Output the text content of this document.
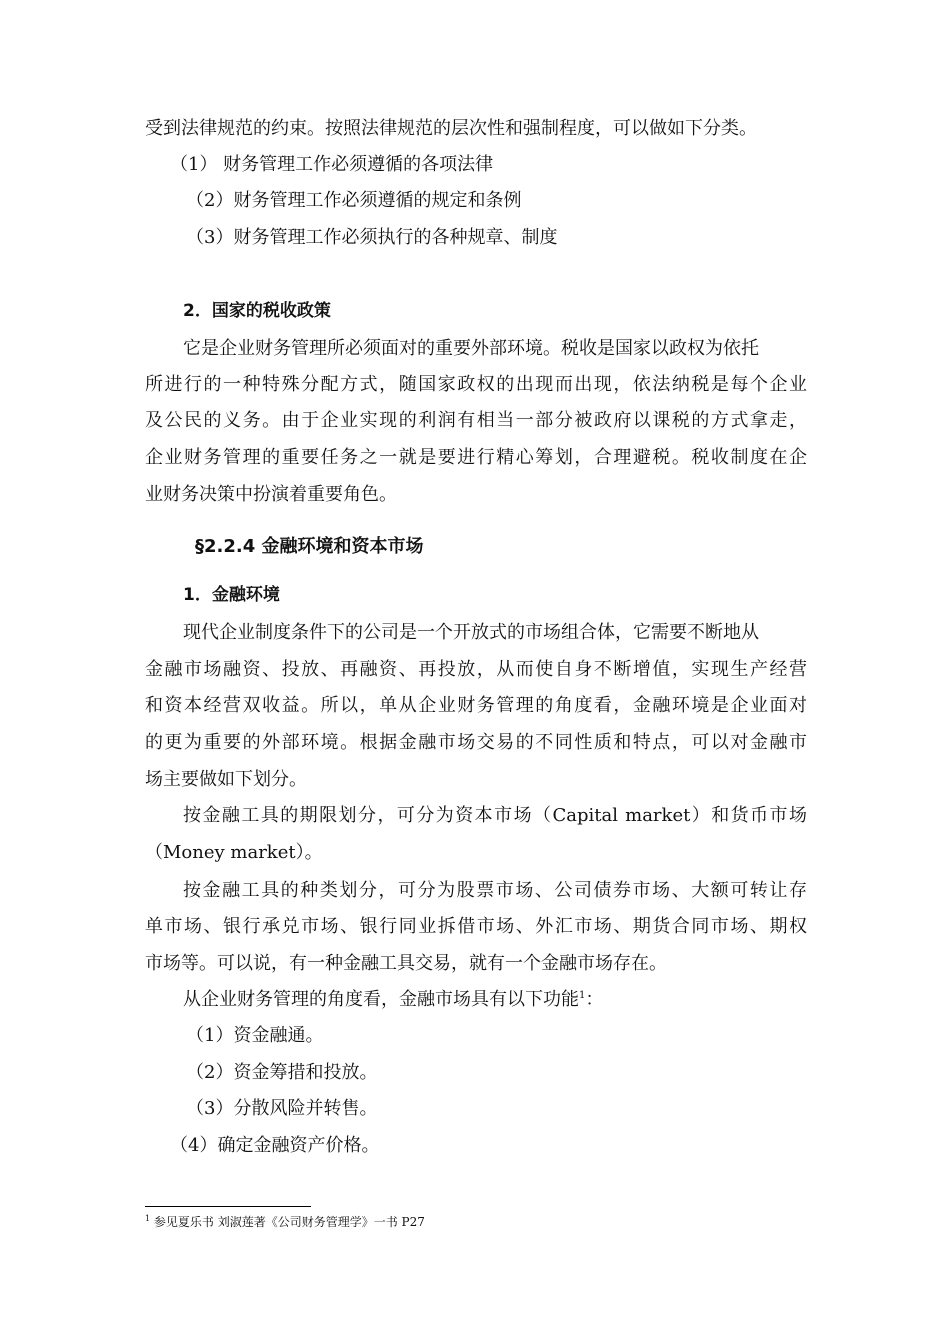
受到法律规范的约束。按照法律规范的层次性和强制程度，可以做如下分类。
（1） 财务管理工作必须遵循的各项法律
（2）财务管理工作必须遵循的规定和条例
（3）财务管理工作必须执行的各种规章、制度
2．国家的税收政策
它是企业财务管理所必须面对的重要外部环境。税收是国家以政权为依托
所进行的一种特殊分配方式，随国家政权的出现而出现，依法纳税是每个企业
及公民的义务。由于企业实现的利润有相当一部分被政府以课税的方式拿走，
企业财务管理的重要任务之一就是要进行精心筹划，合理避税。税收制度在企
业财务决策中扮演着重要角色。
§2.2.4 金融环境和资本市场
1．金融环境
现代企业制度条件下的公司是一个开放式的市场组合体，它需要不断地从
金融市场融资、投放、再融资、再投放，从而使自身不断增值，实现生产经营
和资本经营双收益。所以，单从企业财务管理的角度看，金融环境是企业面对
的更为重要的外部环境。根据金融市场交易的不同性质和特点，可以对金融市
场主要做如下划分。
按金融工具的期限划分，可分为资本市场（Capital market）和货币市场
（Money market）。
按金融工具的种类划分，可分为股票市场、公司债券市场、大额可转让存
单市场、银行承兑市场、银行同业拆借市场、外汇市场、期货合同市场、期权
市场等。可以说，有一种金融工具交易，就有一个金融市场存在。
从企业财务管理的角度看，金融市场具有以下功能$^1$：
（1）资金融通。
（2）资金筹措和投放。
（3）分散风险并转售。
（4）确定金融资产价格。
$^1$ 参见夏乐书 刘淑莲著《公司财务管理学》一书 P27
